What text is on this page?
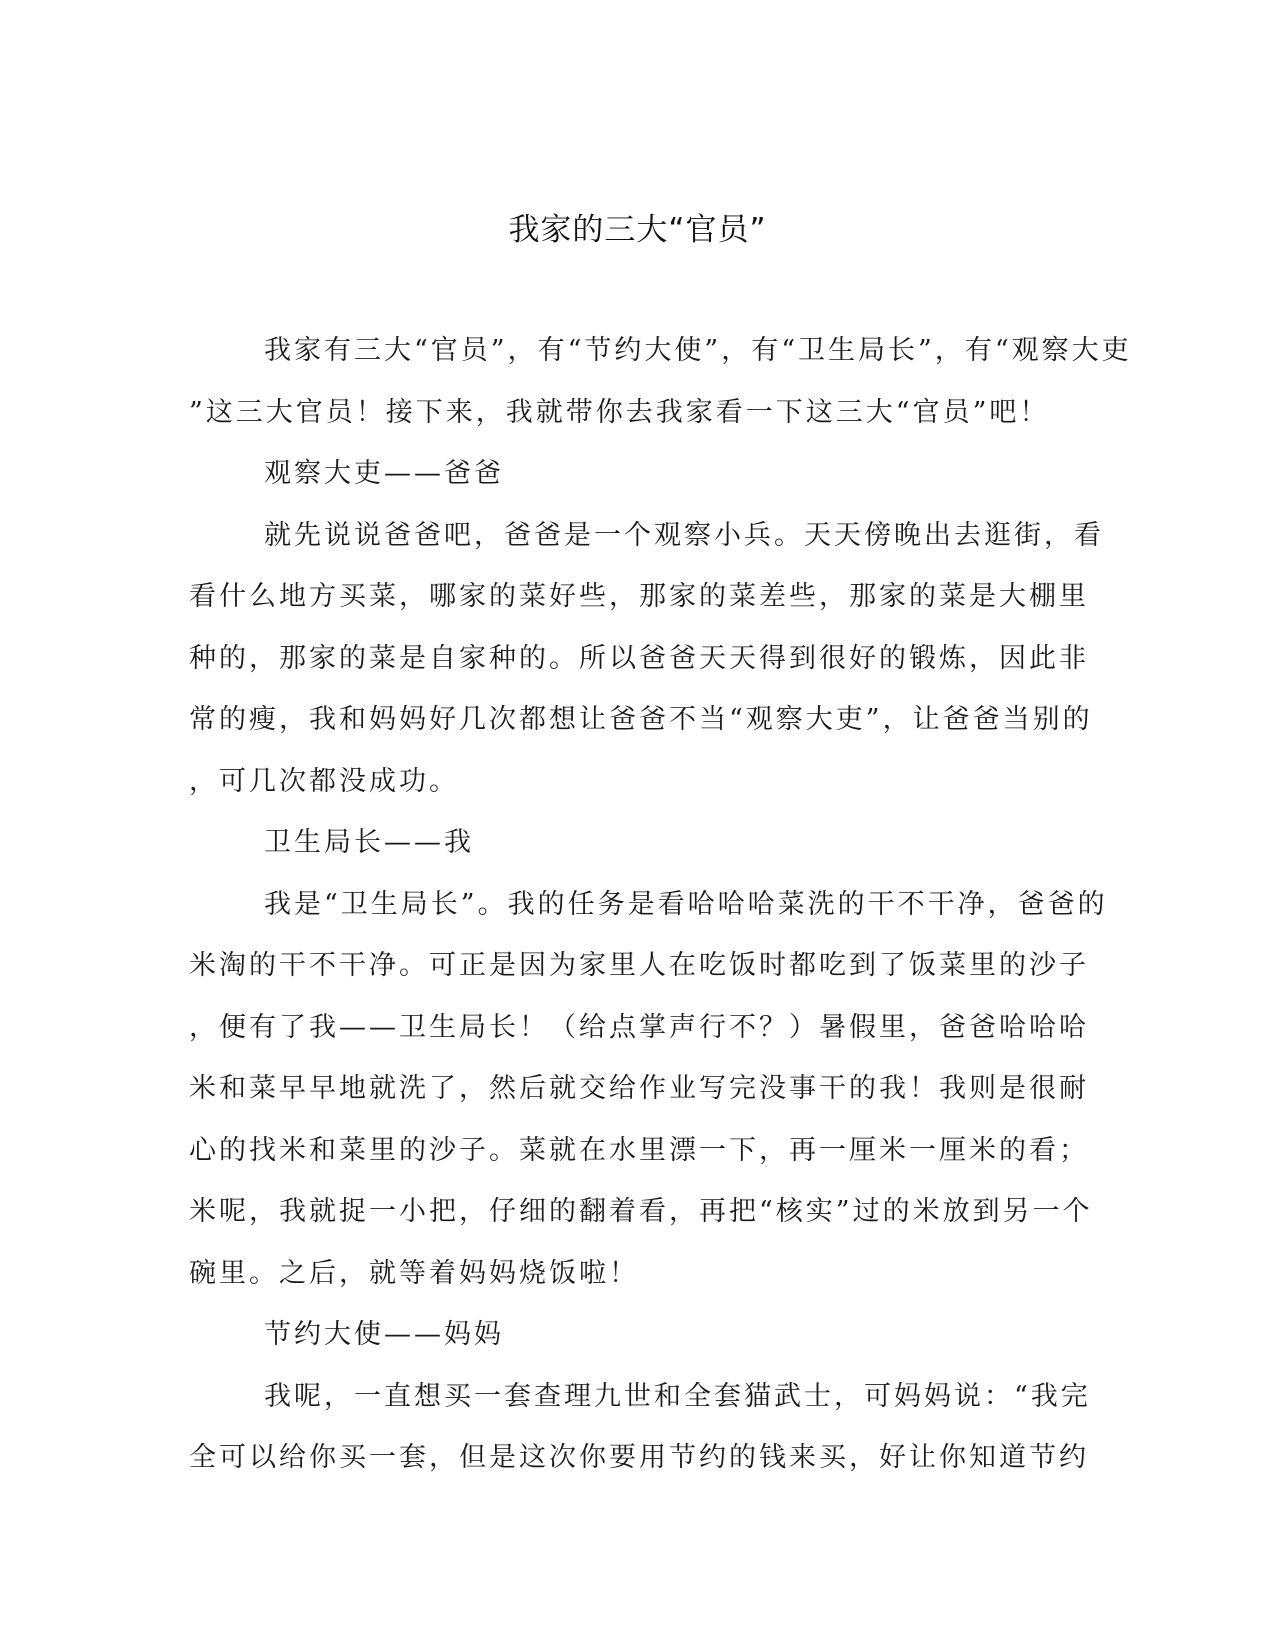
我家的三大“官员”
我家有三大“官员”，有“节约大使”，有“卫生局长”，有“观察大吏
”这三大官员！接下来，我就带你去我家看一下这三大“官员”吧！
观察大吏——爸爸
就先说说爸爸吧，爸爸是一个观察小兵。天天傍晚出去逛街，看
看什么地方买菜，哪家的菜好些，那家的菜差些，那家的菜是大棚里
种的，那家的菜是自家种的。所以爸爸天天得到很好的锻炼，因此非
常的瘦，我和妈妈好几次都想让爸爸不当“观察大吏”，让爸爸当别的
，可几次都没成功。
卫生局长——我
我是“卫生局长”。我的任务是看哈哈哈菜洗的干不干净，爸爸的
米淘的干不干净。可正是因为家里人在吃饭时都吃到了饭菜里的沙子
，便有了我——卫生局长！（给点掌声行不？）暑假里，爸爸哈哈哈
米和菜早早地就洗了，然后就交给作业写完没事干的我！我则是很耐
心的找米和菜里的沙子。菜就在水里漂一下，再一厘米一厘米的看；
米呢，我就捉一小把，仔细的翻着看，再把“核实”过的米放到另一个
碗里。之后，就等着妈妈烧饭啦！
节约大使——妈妈
我呢，一直想买一套查理九世和全套猫武士，可妈妈说：“我完
全可以给你买一套，但是这次你要用节约的钱来买，好让你知道节约
